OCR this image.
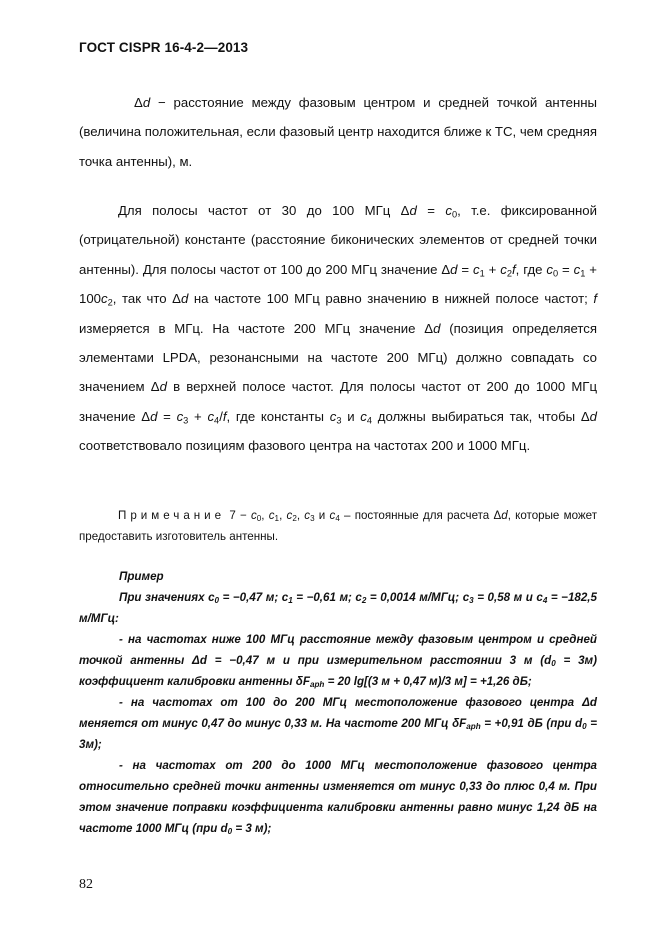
ГОСТ CISPR 16-4-2—2013
Δd − расстояние между фазовым центром и средней точкой антенны (величина положительная, если фазовый центр находится ближе к ТС, чем средняя точка антенны), м.
Для полосы частот от 30 до 100 МГц $\Delta d = c_0$, т.е. фиксированной (отрицательной) константе (расстояние биконических элементов от средней точки антенны). Для полосы частот от 100 до 200 МГц значение $\Delta d = c_1 + c_2f$, где $c_0 = c_1 + 100c_2$, так что Δd на частоте 100 МГц равно значению в нижней полосе частот; f измеряется в МГц. На частоте 200 МГц значение Δd (позиция определяется элементами LPDA, резонансными на частоте 200 МГц) должно совпадать со значением Δd в верхней полосе частот. Для полосы частот от 200 до 1000 МГц значение $\Delta d = c_3 + c_4/f$, где константы $c_3$ и $c_4$ должны выбираться так, чтобы Δd соответствовало позициям фазового центра на частотах 200 и 1000 МГц.
Примечание $7 - c_0$, $c_1$, $c_2$, $c_3$ и $c_4$ – постоянные для расчета Δd, которые может предоставить изготовитель антенны.
Пример
При значениях $c_0 = -0,47$ м; $c_1 = -0,61$ м; $c_2 = 0,0014$ м/МГц; $c_3 = 0,58$ м и $c_4 = -182,5$ м/МГц:
- на частотах ниже 100 МГц расстояние между фазовым центром и средней точкой антенны Δd = −0,47 м и при измерительном расстоянии 3 м $(d_0 = 3м)$ коэффициент калибровки антенны $\delta F_{aph} = 20$ lg[(3 м + 0,47 м)/3 м] = +1,26 дБ;
- на частотах от 100 до 200 МГц местоположение фазового центра Δd меняется от минус 0,47 до минус 0,33 м. На частоте 200 МГц $\delta F_{aph} = +0,91$ дБ (при $d_0 = 3м$);
- на частотах от 200 до 1000 МГц местоположение фазового центра относительно средней точки антенны изменяется от минус 0,33 до плюс 0,4 м. При этом значение поправки коэффициента калибровки антенны равно минус 1,24 дБ на частоте 1000 МГц (при $d_0 = 3$ м);
82
